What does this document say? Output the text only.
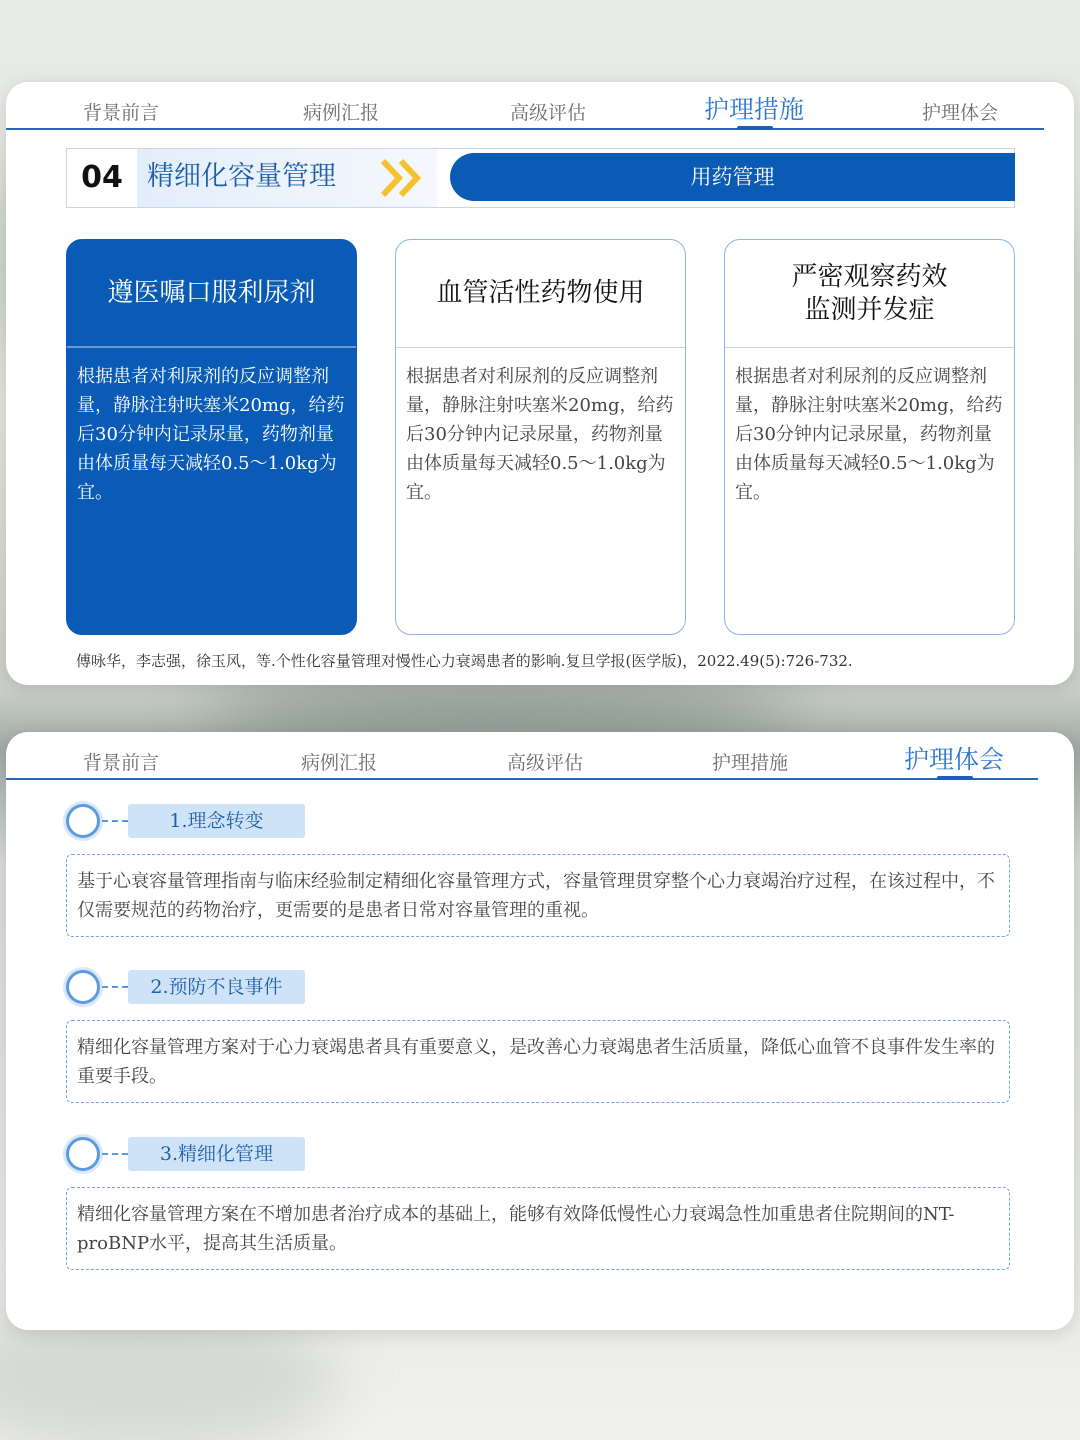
背景前言	病例汇报	高级评估	护理措施	护理体会
04 精细化容量管理	用药管理
遵医嘱口服利尿剂
根据患者对利尿剂的反应调整剂量，静脉注射呋塞米20mg，给药后30分钟内记录尿量，药物剂量由体质量每天减轻0.5～1.0kg为宜。
血管活性药物使用
根据患者对利尿剂的反应调整剂量，静脉注射呋塞米20mg，给药后30分钟内记录尿量，药物剂量由体质量每天减轻0.5～1.0kg为宜。
严密观察药效
监测并发症
根据患者对利尿剂的反应调整剂量，静脉注射呋塞米20mg，给药后30分钟内记录尿量，药物剂量由体质量每天减轻0.5～1.0kg为宜。
傅咏华，李志强，徐玉风，等.个性化容量管理对慢性心力衰竭患者的影响.复旦学报(医学版)，2022.49(5):726-732.
背景前言	病例汇报	高级评估	护理措施	护理体会
1.理念转变
基于心衰容量管理指南与临床经验制定精细化容量管理方式，容量管理贯穿整个心力衰竭治疗过程，在该过程中，不仅需要规范的药物治疗，更需要的是患者日常对容量管理的重视。
2.预防不良事件
精细化容量管理方案对于心力衰竭患者具有重要意义，是改善心力衰竭患者生活质量，降低心血管不良事件发生率的重要手段。
3.精细化管理
精细化容量管理方案在不增加患者治疗成本的基础上，能够有效降低慢性心力衰竭急性加重患者住院期间的NT-proBNP水平，提高其生活质量。
